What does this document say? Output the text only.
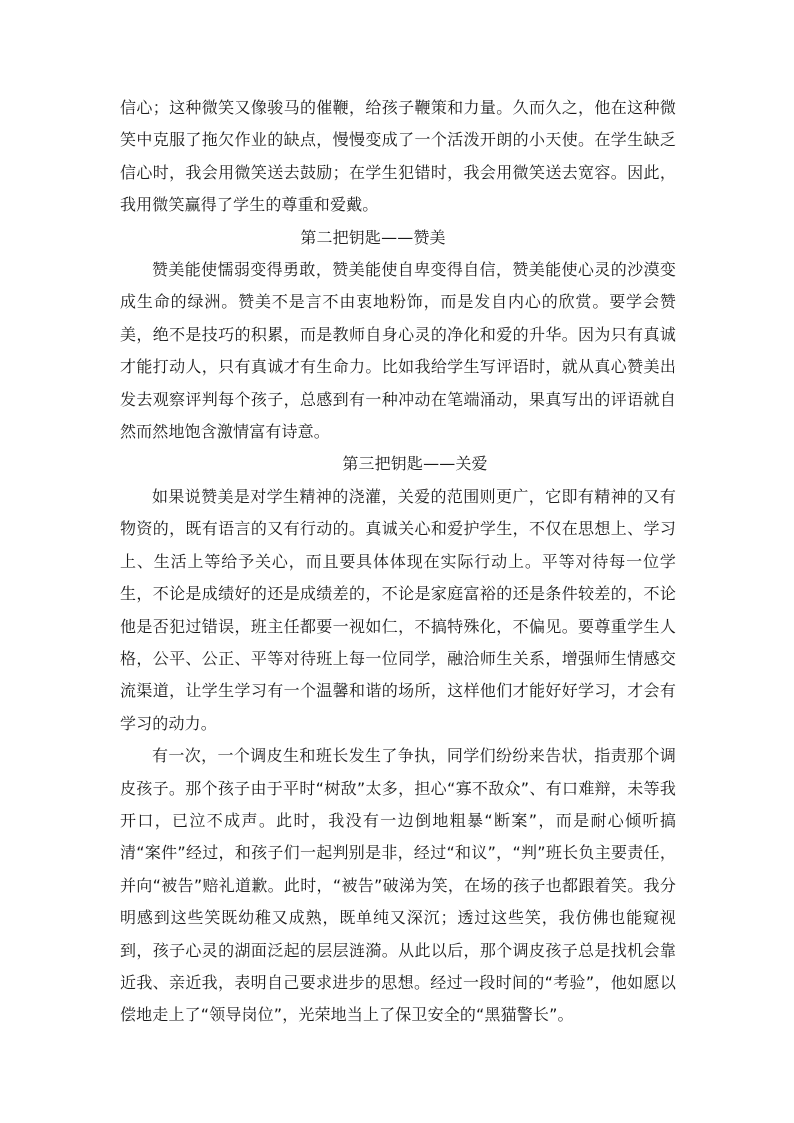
信心；这种微笑又像骏马的催鞭，给孩子鞭策和力量。久而久之，他在这种微笑中克服了拖欠作业的缺点，慢慢变成了一个活泼开朗的小天使。在学生缺乏信心时，我会用微笑送去鼓励；在学生犯错时，我会用微笑送去宽容。因此，我用微笑赢得了学生的尊重和爱戴。

第二把钥匙——赞美

赞美能使懦弱变得勇敢，赞美能使自卑变得自信，赞美能使心灵的沙漠变成生命的绿洲。赞美不是言不由衷地粉饰，而是发自内心的欣赏。要学会赞美，绝不是技巧的积累，而是教师自身心灵的净化和爱的升华。因为只有真诚才能打动人，只有真诚才有生命力。比如我给学生写评语时，就从真心赞美出发去观察评判每个孩子，总感到有一种冲动在笔端涌动，果真写出的评语就自然而然地饱含激情富有诗意。

第三把钥匙——关爱

如果说赞美是对学生精神的浇灌，关爱的范围则更广，它即有精神的又有物资的，既有语言的又有行动的。真诚关心和爱护学生，不仅在思想上、学习上、生活上等给予关心，而且要具体体现在实际行动上。平等对待每一位学生，不论是成绩好的还是成绩差的，不论是家庭富裕的还是条件较差的，不论他是否犯过错误，班主任都要一视如仁，不搞特殊化，不偏见。要尊重学生人格，公平、公正、平等对待班上每一位同学，融洽师生关系，增强师生情感交流渠道，让学生学习有一个温馨和谐的场所，这样他们才能好好学习，才会有学习的动力。

有一次，一个调皮生和班长发生了争执，同学们纷纷来告状，指责那个调皮孩子。那个孩子由于平时“树敌”太多，担心“寡不敌众”、有口难辩，未等我开口，已泣不成声。此时，我没有一边倒地粗暴“断案”，而是耐心倾听搞清“案件”经过，和孩子们一起判别是非，经过“和议”，“判”班长负主要责任，并向“被告”赔礼道歉。此时，“被告”破涕为笑，在场的孩子也都跟着笑。我分明感到这些笑既幼稚又成熟，既单纯又深沉；透过这些笑，我仿佛也能窥视到，孩子心灵的湖面泛起的层层涟漪。从此以后，那个调皮孩子总是找机会靠近我、亲近我，表明自己要求进步的思想。经过一段时间的“考验”，他如愿以偿地走上了“领导岗位”，光荣地当上了保卫安全的“黑猫警长”。
